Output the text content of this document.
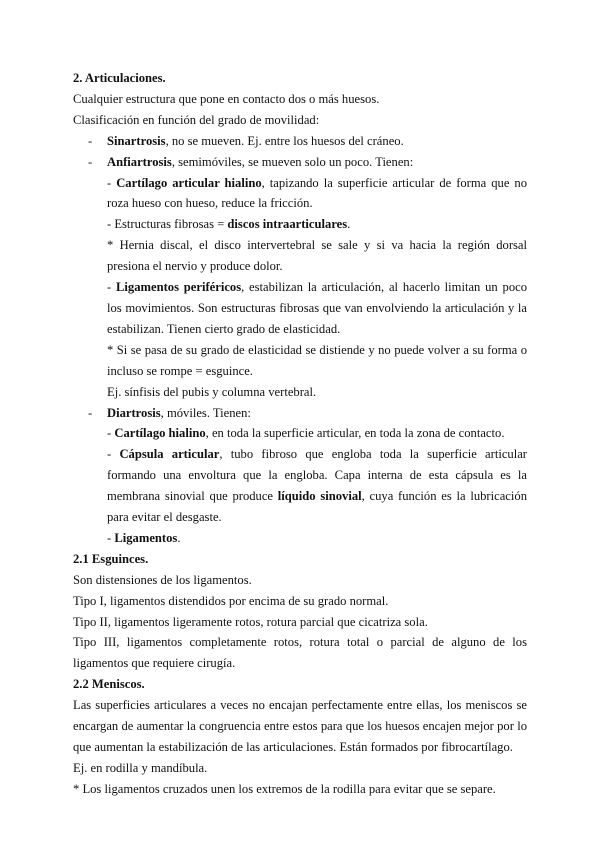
2. Articulaciones.
Cualquier estructura que pone en contacto dos o más huesos.
Clasificación en función del grado de movilidad:
- Sinartrosis, no se mueven. Ej. entre los huesos del cráneo.
- Anfiartrosis, semimóviles, se mueven solo un poco. Tienen:
- Cartílago articular hialino, tapizando la superficie articular de forma que no roza hueso con hueso, reduce la fricción.
- Estructuras fibrosas = discos intraarticulares.
* Hernia discal, el disco intervertebral se sale y si va hacia la región dorsal presiona el nervio y produce dolor.
- Ligamentos periféricos, estabilizan la articulación, al hacerlo limitan un poco los movimientos. Son estructuras fibrosas que van envolviendo la articulación y la estabilizan. Tienen cierto grado de elasticidad.
* Si se pasa de su grado de elasticidad se distiende y no puede volver a su forma o incluso se rompe = esguince.
Ej. sínfisis del pubis y columna vertebral.
- Diartrosis, móviles. Tienen:
- Cartílago hialino, en toda la superficie articular, en toda la zona de contacto.
- Cápsula articular, tubo fibroso que engloba toda la superficie articular formando una envoltura que la engloba. Capa interna de esta cápsula es la membrana sinovial que produce líquido sinovial, cuya función es la lubricación para evitar el desgaste.
- Ligamentos.
2.1 Esguinces.
Son distensiones de los ligamentos.
Tipo I, ligamentos distendidos por encima de su grado normal.
Tipo II, ligamentos ligeramente rotos, rotura parcial que cicatriza sola.
Tipo III, ligamentos completamente rotos, rotura total o parcial de alguno de los ligamentos que requiere cirugía.
2.2 Meniscos.
Las superficies articulares a veces no encajan perfectamente entre ellas, los meniscos se encargan de aumentar la congruencia entre estos para que los huesos encajen mejor por lo que aumentan la estabilización de las articulaciones. Están formados por fibrocartílago.
Ej. en rodilla y mandíbula.
* Los ligamentos cruzados unen los extremos de la rodilla para evitar que se separe.
